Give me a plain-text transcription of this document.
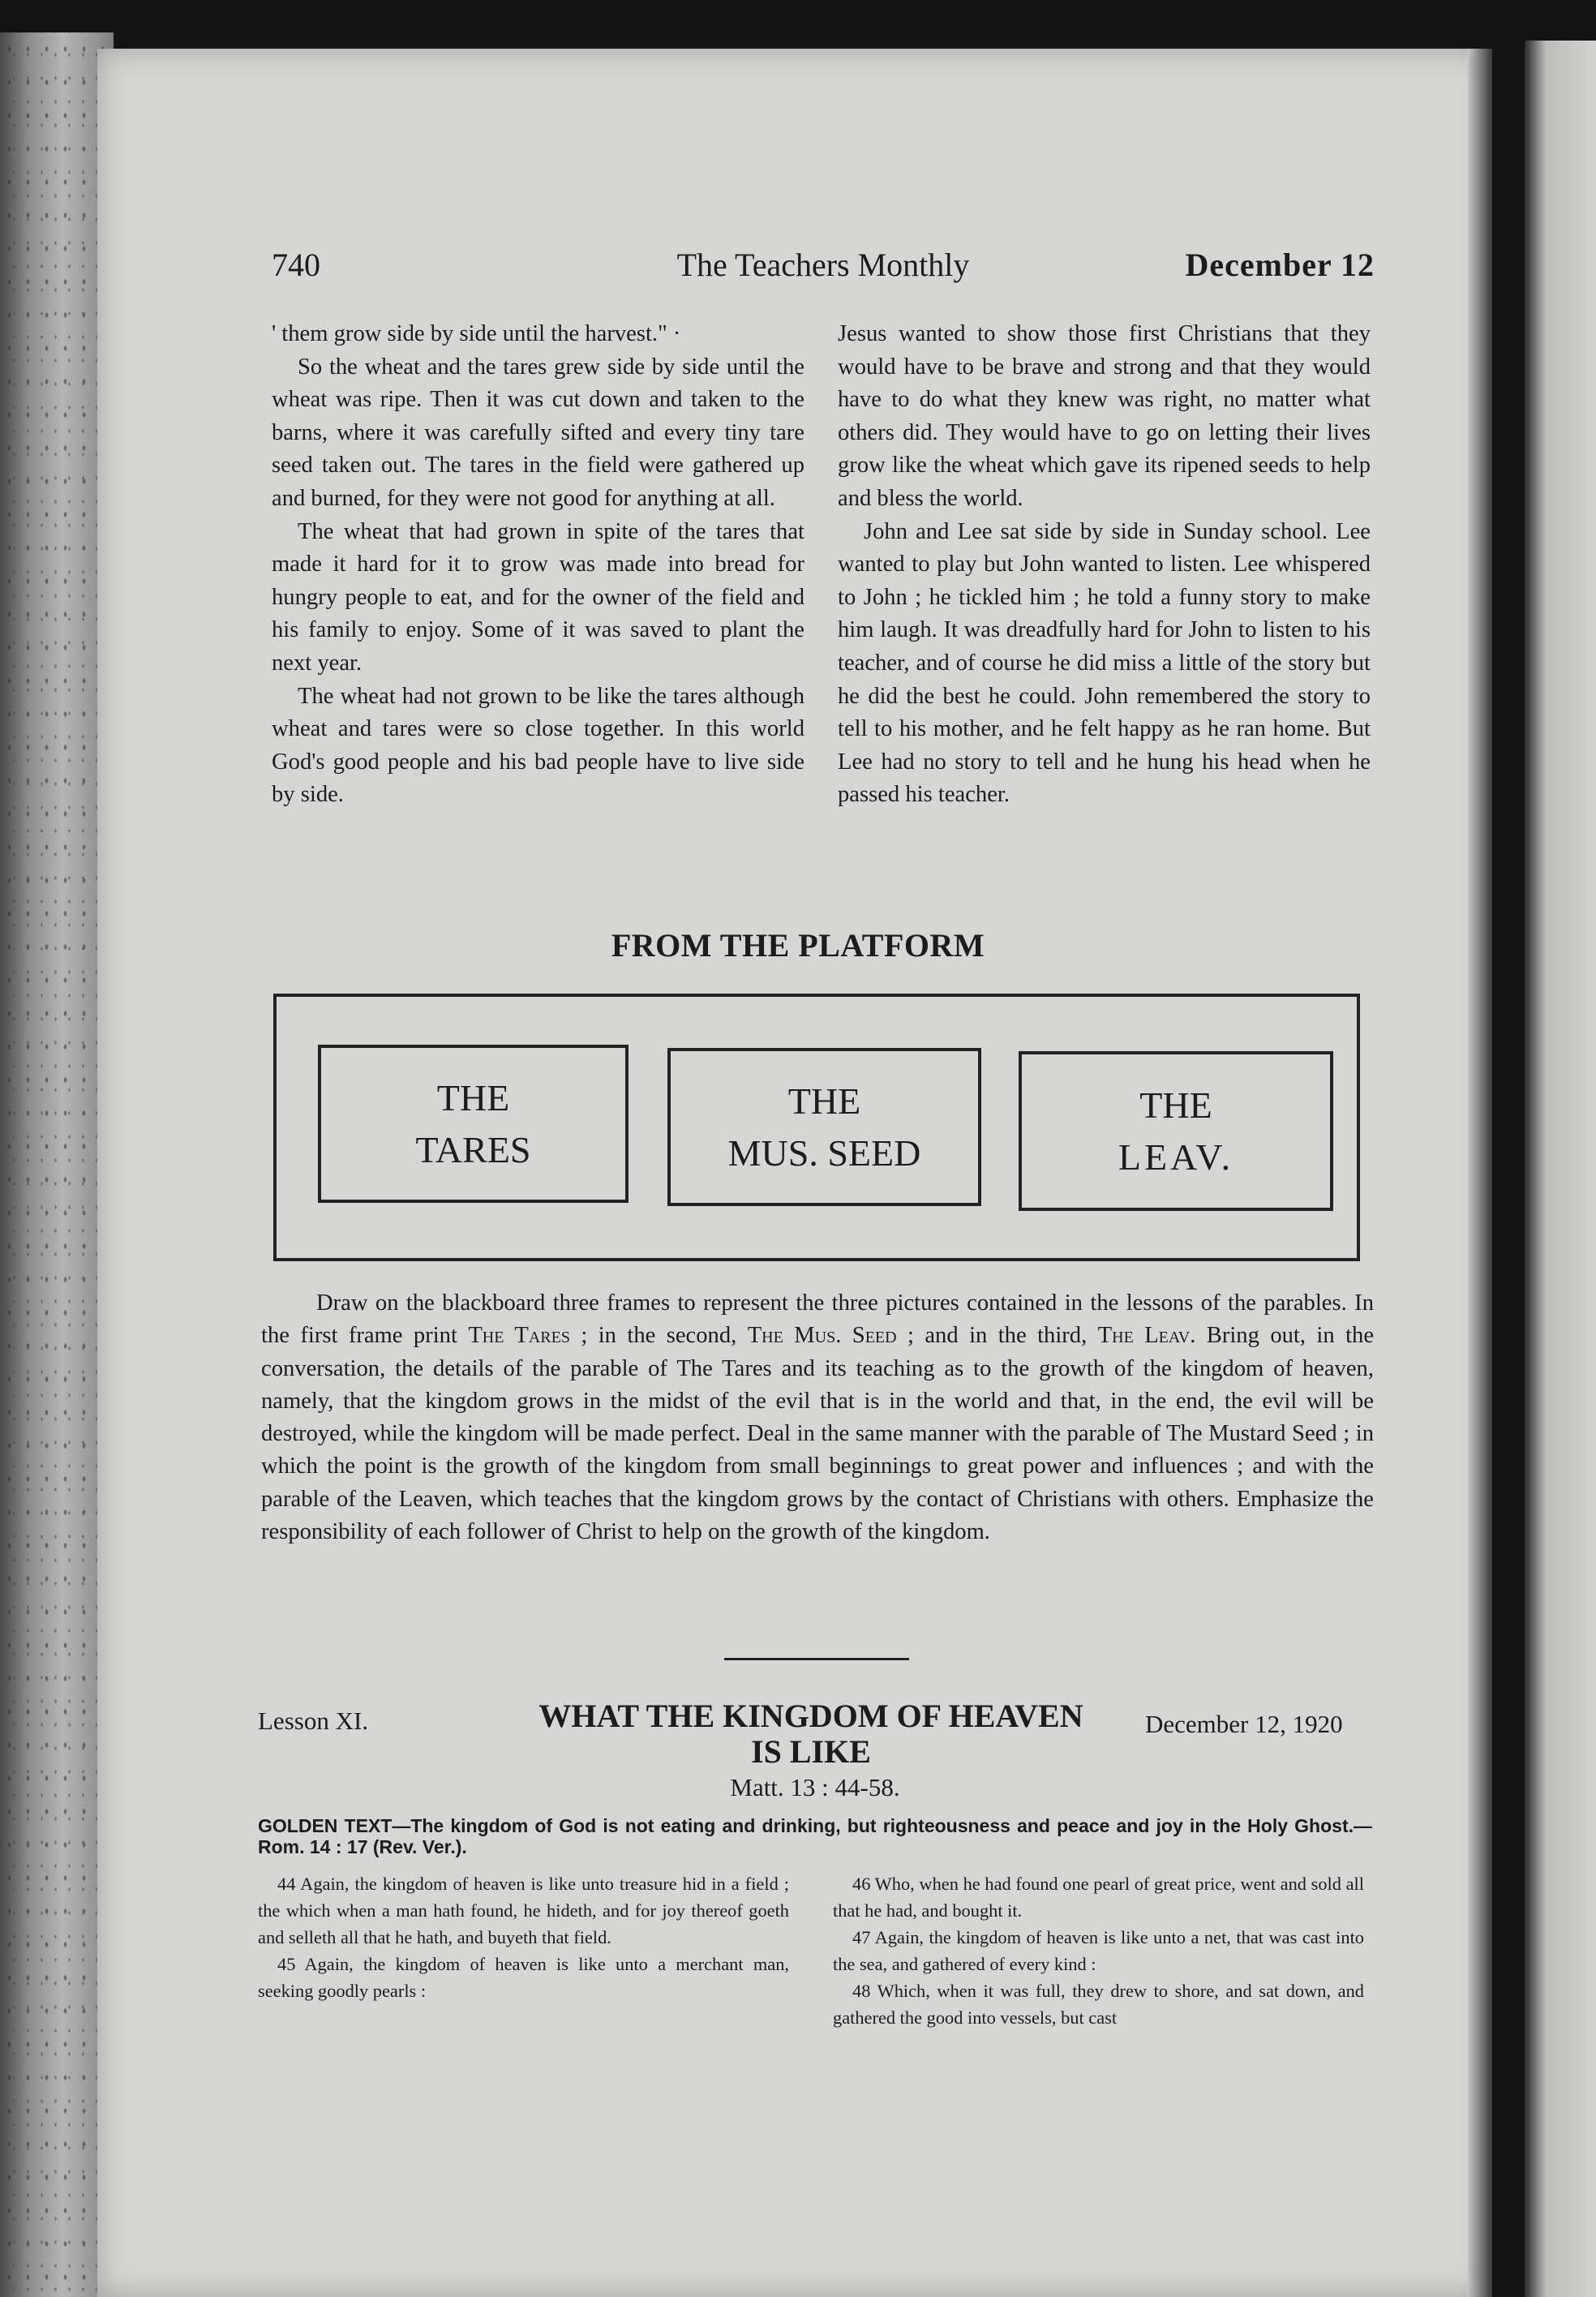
740	The Teachers Monthly	December 12

' them grow side by side until the harvest." ·

So the wheat and the tares grew side by side until the wheat was ripe. Then it was cut down and taken to the barns, where it was carefully sifted and every tiny tare seed taken out. The tares in the field were gathered up and burned, for they were not good for anything at all.

The wheat that had grown in spite of the tares that made it hard for it to grow was made into bread for hungry people to eat, and for the owner of the field and his family to enjoy. Some of it was saved to plant the next year.

The wheat had not grown to be like the tares although wheat and tares were so close together. In this world God's good people and his bad people have to live side by side.

Jesus wanted to show those first Christians that they would have to be brave and strong and that they would have to do what they knew was right, no matter what others did. They would have to go on letting their lives grow like the wheat which gave its ripened seeds to help and bless the world.

John and Lee sat side by side in Sunday school. Lee wanted to play but John wanted to listen. Lee whispered to John ; he tickled him ; he told a funny story to make him laugh. It was dreadfully hard for John to listen to his teacher, and of course he did miss a little of the story but he did the best he could. John remembered the story to tell to his mother, and he felt happy as he ran home. But Lee had no story to tell and he hung his head when he passed his teacher.

FROM THE PLATFORM
THE
TARES
THE
MUS. SEED
THE
LEAV.

Draw on the blackboard three frames to represent the three pictures contained in the lessons of the parables. In the first frame print The Tares ; in the second, The Mus. Seed ; and in the third, The Leav. Bring out, in the conversation, the details of the parable of The Tares and its teaching as to the growth of the kingdom of heaven, namely, that the kingdom grows in the midst of the evil that is in the world and that, in the end, the evil will be destroyed, while the kingdom will be made perfect. Deal in the same manner with the parable of The Mustard Seed ; in which the point is the growth of the kingdom from small beginnings to great power and influences ; and with the parable of the Leaven, which teaches that the kingdom grows by the contact of Christians with others. Emphasize the responsibility of each follower of Christ to help on the growth of the kingdom.

Lesson XI.	WHAT THE KINGDOM OF HEAVEN
IS LIKE
December 12, 1920
Matt. 13 : 44-58.

GOLDEN TEXT—The kingdom of God is not eating and drinking, but righteousness and peace and joy in the Holy Ghost.—Rom. 14 : 17 (Rev. Ver.).

44 Again, the kingdom of heaven is like unto treasure hid in a field ; the which when a man hath found, he hideth, and for joy thereof goeth and selleth all that he hath, and buyeth that field.

45 Again, the kingdom of heaven is like unto a merchant man, seeking goodly pearls :

46 Who, when he had found one pearl of great price, went and sold all that he had, and bought it.

47 Again, the kingdom of heaven is like unto a net, that was cast into the sea, and gathered of every kind :

48 Which, when it was full, they drew to shore, and sat down, and gathered the good into vessels, but cast
